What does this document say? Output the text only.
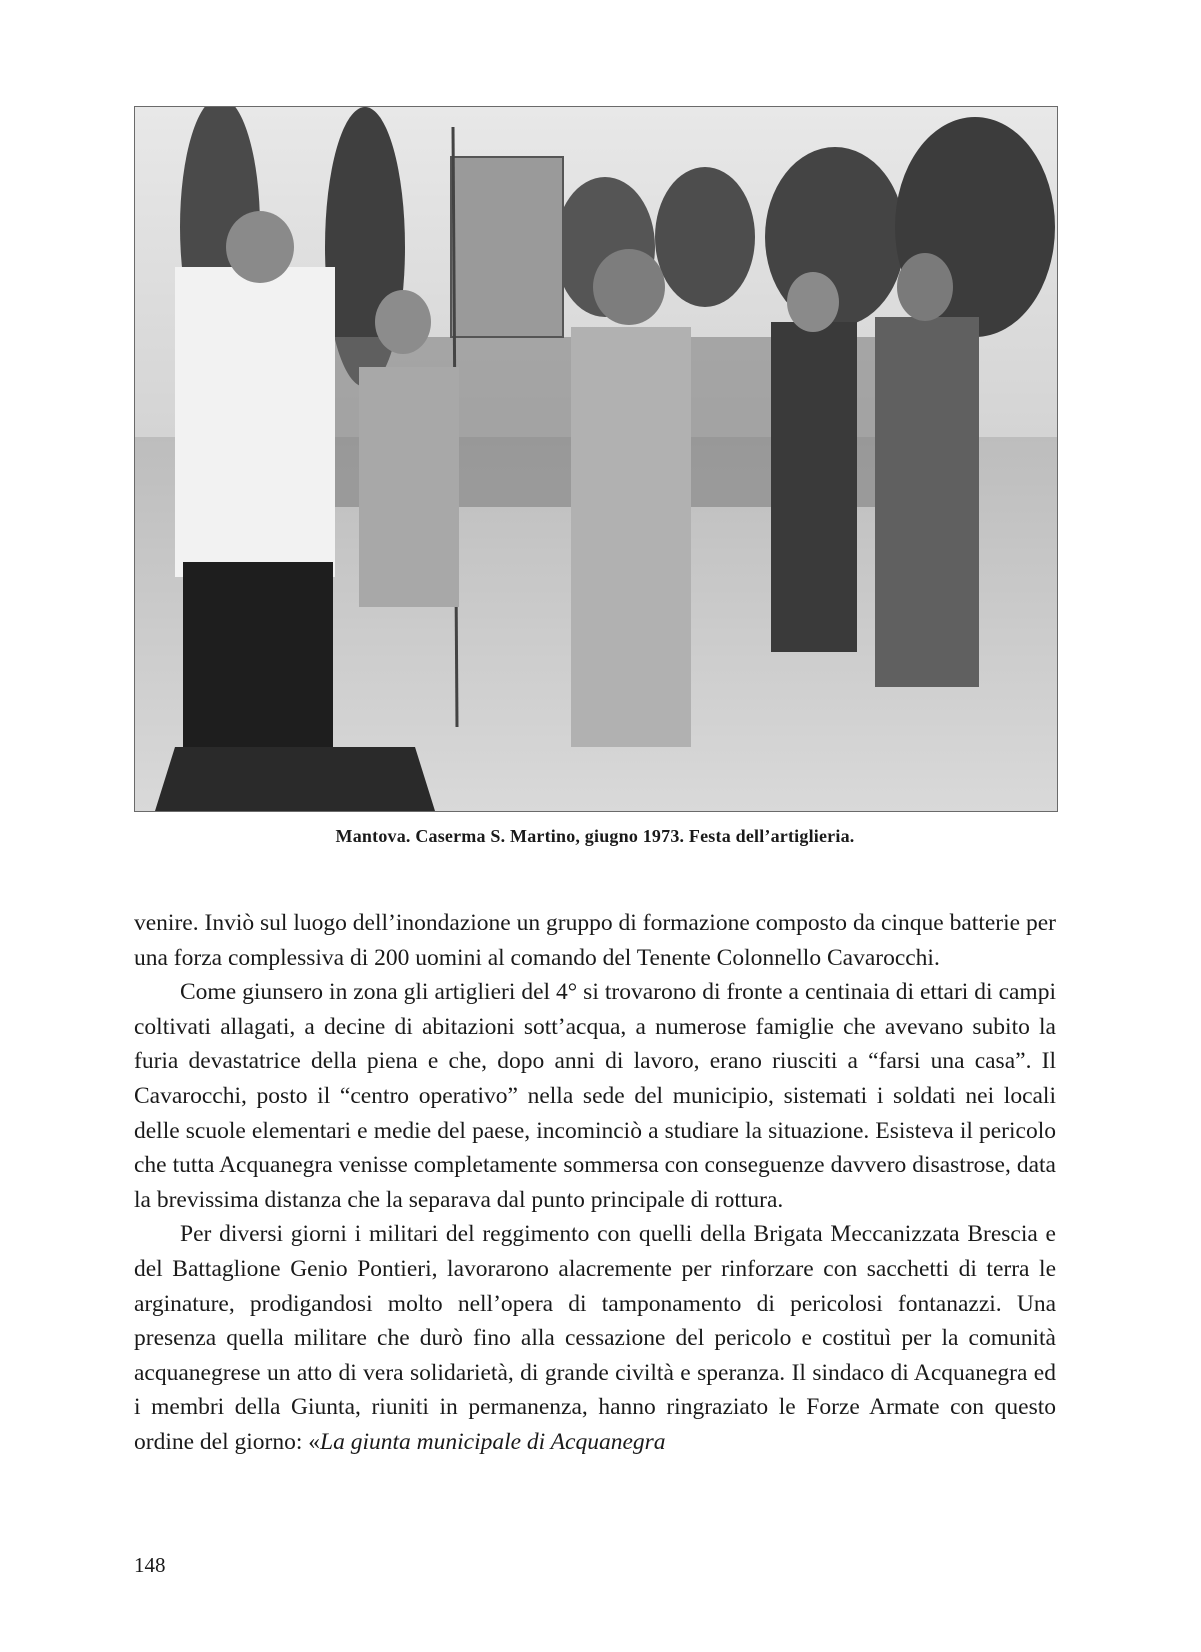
Mantova. Caserma S. Martino, giugno 1973. Festa dell’artiglieria.

venire. Inviò sul luogo dell’inondazione un gruppo di formazione composto da cinque batterie per una forza complessiva di 200 uomini al comando del Tenente Colonnello Cavarocchi.

Come giunsero in zona gli artiglieri del 4° si trovarono di fronte a centinaia di ettari di campi coltivati allagati, a decine di abitazioni sott’acqua, a numerose famiglie che avevano subito la furia devastatrice della piena e che, dopo anni di lavoro, erano riusciti a “farsi una casa”. Il Cavarocchi, posto il “centro operativo” nella sede del municipio, sistemati i soldati nei locali delle scuole elementari e medie del paese, incominciò a studiare la situazione. Esisteva il pericolo che tutta Acquanegra venisse completamente sommersa con conseguenze davvero disastrose, data la brevissima distanza che la separava dal punto principale di rottura.

Per diversi giorni i militari del reggimento con quelli della Brigata Meccanizzata Brescia e del Battaglione Genio Pontieri, lavorarono alacremente per rinforzare con sacchetti di terra le arginature, prodigandosi molto nell’opera di tamponamento di pericolosi fontanazzi. Una presenza quella militare che durò fino alla cessazione del pericolo e costituì per la comunità acquanegrese un atto di vera solidarietà, di grande civiltà e speranza. Il sindaco di Acquanegra ed i membri della Giunta, riuniti in permanenza, hanno ringraziato le Forze Armate con questo ordine del giorno: «La giunta municipale di Acquanegra

148
